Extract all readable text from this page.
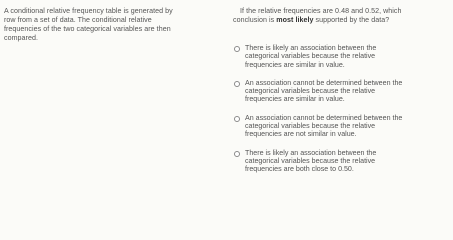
A conditional relative frequency table is generated by

row from a set of data. The conditional relative

frequencies of the two categorical variables are then

compared.

If the relative frequencies are 0.48 and 0.52, which

conclusion is most likely supported by the data?

There is likely an association between the
categorical variables because the relative
frequencies are similar in value.
An association cannot be determined between the
categorical variables because the relative
frequencies are similar in value.
An association cannot be determined between the
categorical variables because the relative
frequencies are not similar in value.
There is likely an association between the
categorical variables because the relative
frequencies are both close to 0.50.
